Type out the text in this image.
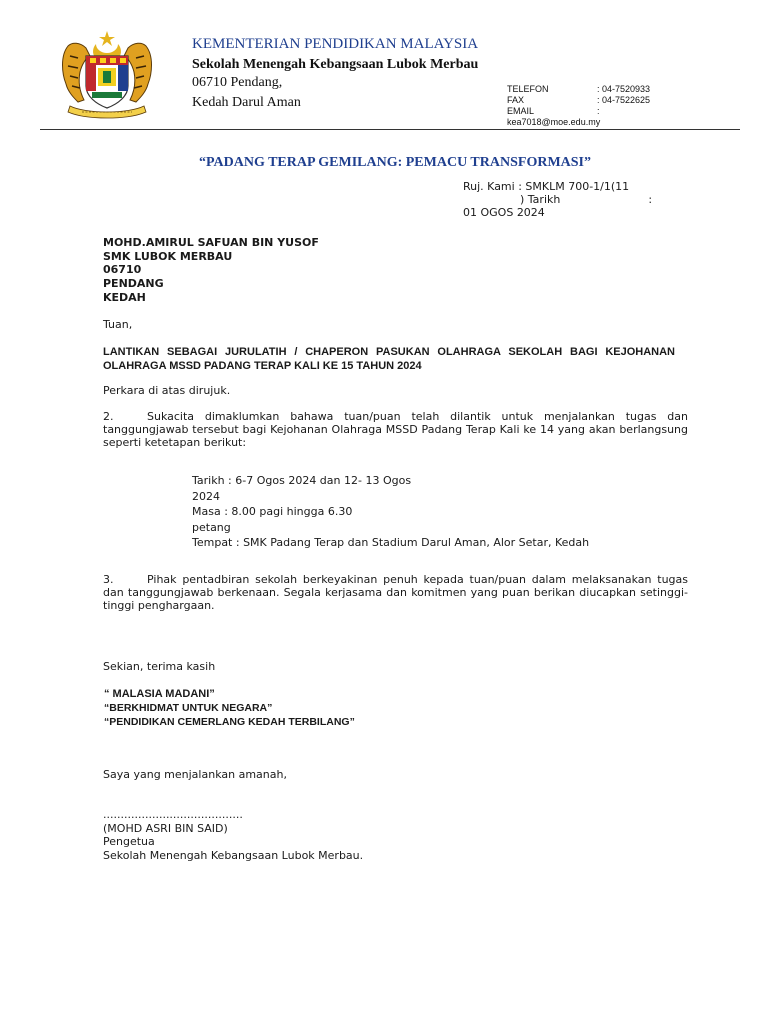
KEMENTERIAN PENDIDIKAN MALAYSIA
Sekolah Menengah Kebangsaan Lubok Merbau
06710 Pendang,
Kedah Darul Aman
TELEFON	: 04-7520933
FAX	: 04-7522625
EMAIL	:
kea7018@moe.edu.my
“PADANG TERAP GEMILANG: PEMACU TRANSFORMASI”
Ruj. Kami : SMKLM 700-1/1(11
) Tarikh	:
01 OGOS 2024
MOHD.AMIRUL SAFUAN BIN YUSOF
SMK LUBOK MERBAU
06710
PENDANG
KEDAH
Tuan,
LANTIKAN SEBAGAI JURULATIH / CHAPERON PASUKAN OLAHRAGA SEKOLAH BAGI KEJOHANAN
OLAHRAGA MSSD PADANG TERAP KALI KE 15 TAHUN 2024
Perkara di atas dirujuk.
2.	Sukacita dimaklumkan bahawa tuan/puan telah dilantik untuk menjalankan tugas dan tanggungjawab tersebut bagi Kejohanan Olahraga MSSD Padang Terap Kali ke 14 yang akan berlangsung seperti ketetapan berikut:
Tarikh : 6-7 Ogos 2024 dan 12- 13 Ogos
2024
Masa : 8.00 pagi hingga 6.30
petang
Tempat : SMK Padang Terap dan Stadium Darul Aman, Alor Setar, Kedah
3.	Pihak pentadbiran sekolah berkeyakinan penuh kepada tuan/puan dalam melaksanakan tugas dan tanggungjawab berkenaan. Segala kerjasama dan komitmen yang puan berikan diucapkan setinggi-tinggi penghargaan.
Sekian, terima kasih
“ MALASIA MADANI”
“BERKHIDMAT UNTUK NEGARA”
“PENDIDIKAN CEMERLANG KEDAH TERBILANG”
Saya yang menjalankan amanah,
........................................
(MOHD ASRI BIN SAID)
Pengetua
Sekolah Menengah Kebangsaan Lubok Merbau.
